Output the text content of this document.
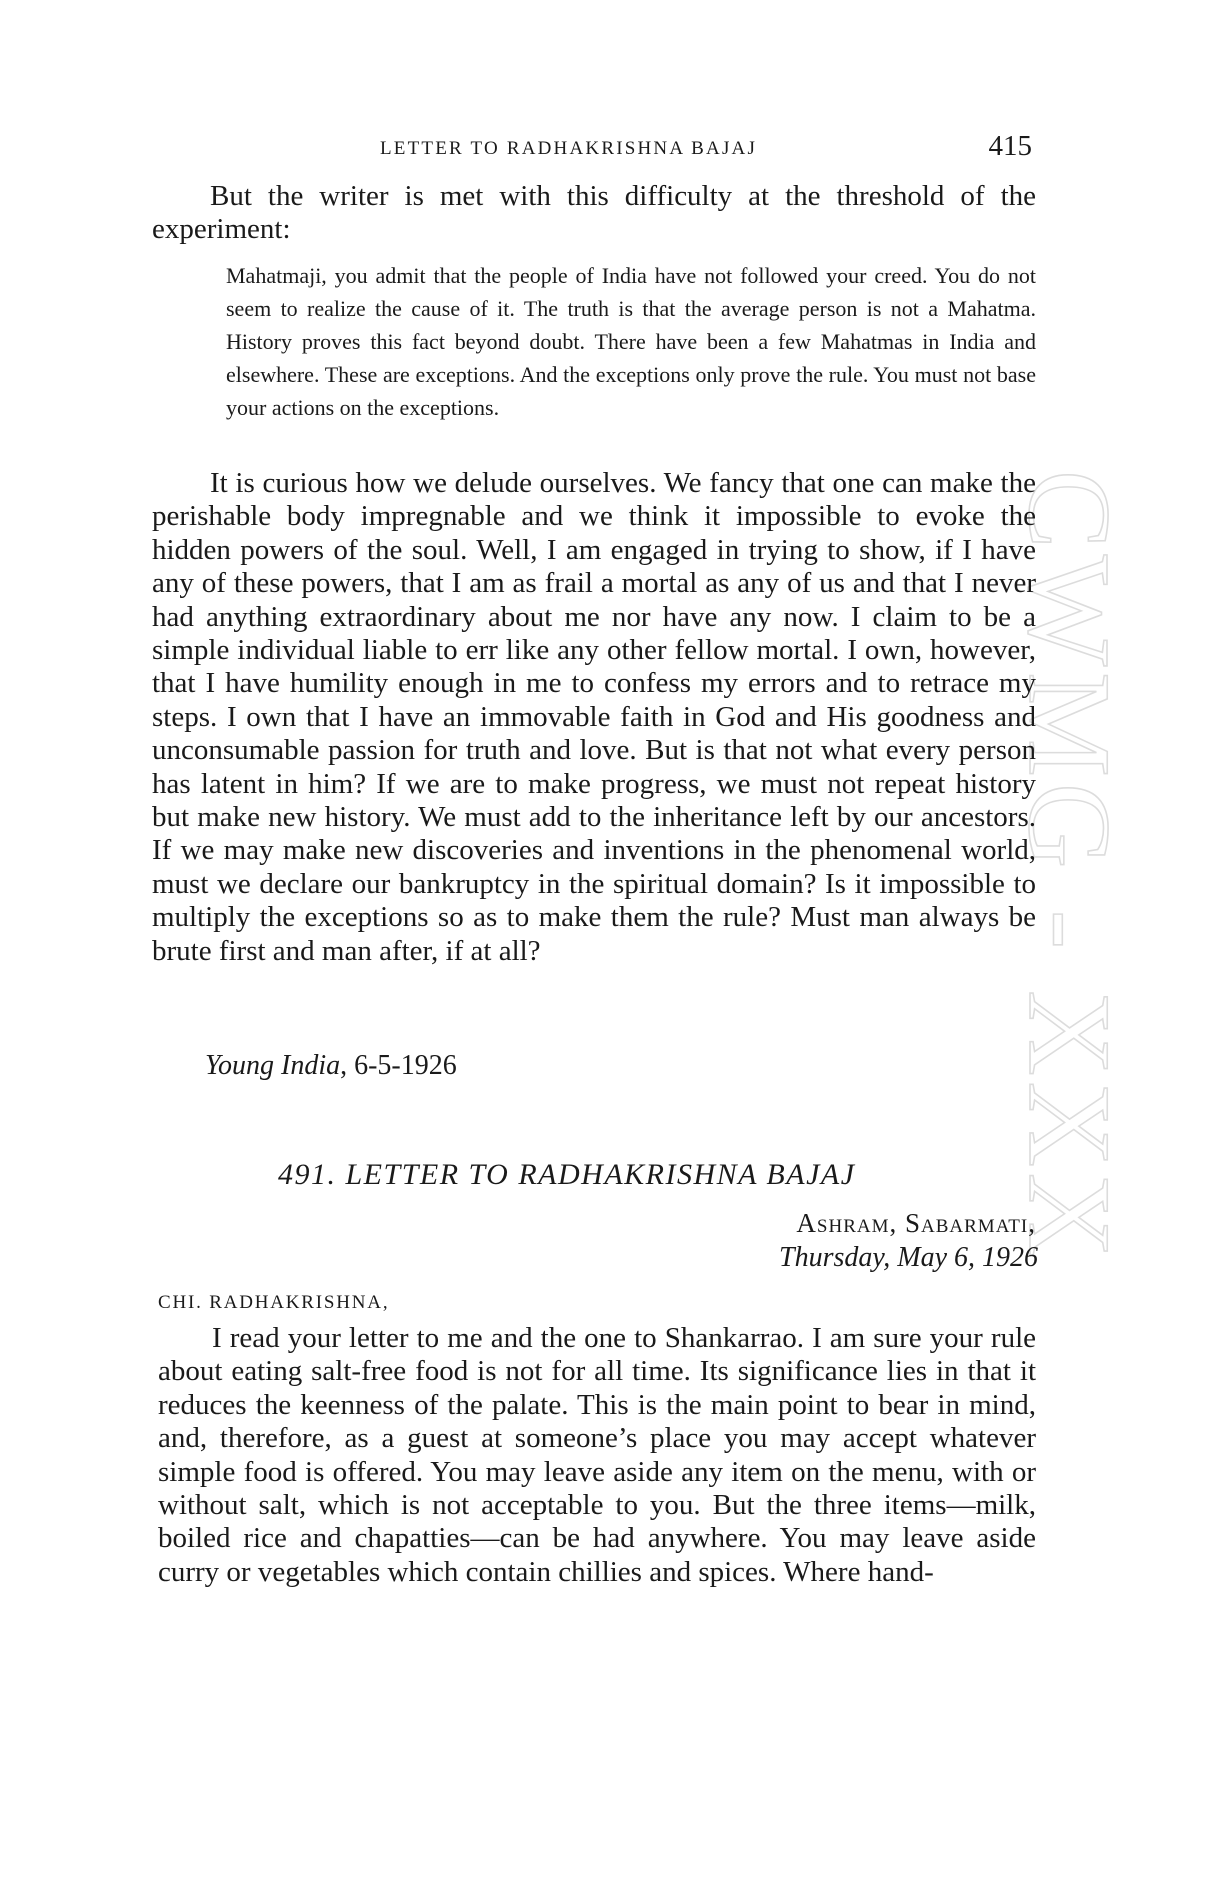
CWMG - XXX
LETTER TO RADHAKRISHNA BAJAJ	415

But the writer is met with this difficulty at the threshold of the experiment:

Mahatmaji, you admit that the people of India have not followed your creed. You do not seem to realize the cause of it. The truth is that the average person is not a Mahatma. History proves this fact beyond doubt. There have been a few Mahatmas in India and elsewhere. These are exceptions. And the exceptions only prove the rule. You must not base your actions on the exceptions.

It is curious how we delude ourselves. We fancy that one can make the perishable body impregnable and we think it impossible to evoke the hidden powers of the soul. Well, I am engaged in trying to show, if I have any of these powers, that I am as frail a mortal as any of us and that I never had anything extraordinary about me nor have any now. I claim to be a simple individual liable to err like any other fellow mortal. I own, however, that I have humility enough in me to confess my errors and to retrace my steps. I own that I have an immovable faith in God and His goodness and unconsumable passion for truth and love. But is that not what every person has latent in him? If we are to make progress, we must not repeat history but make new history. We must add to the inheritance left by our ancestors. If we may make new discoveries and inventions in the phenomenal world, must we declare our bankruptcy in the spiritual domain? Is it impossible to multiply the exceptions so as to make them the rule? Must man always be brute first and man after, if at all?

Young India, 6-5-1926
491. LETTER TO RADHAKRISHNA BAJAJ
Ashram, Sabarmati,
Thursday, May 6, 1926
CHI. RADHAKRISHNA,

I read your letter to me and the one to Shankarrao. I am sure your rule about eating salt-free food is not for all time. Its significance lies in that it reduces the keenness of the palate. This is the main point to bear in mind, and, therefore, as a guest at someone’s place you may accept whatever simple food is offered. You may leave aside any item on the menu, with or without salt, which is not acceptable to you. But the three items—milk, boiled rice and chapatties—can be had anywhere. You may leave aside curry or vegetables which contain chillies and spices. Where hand-
